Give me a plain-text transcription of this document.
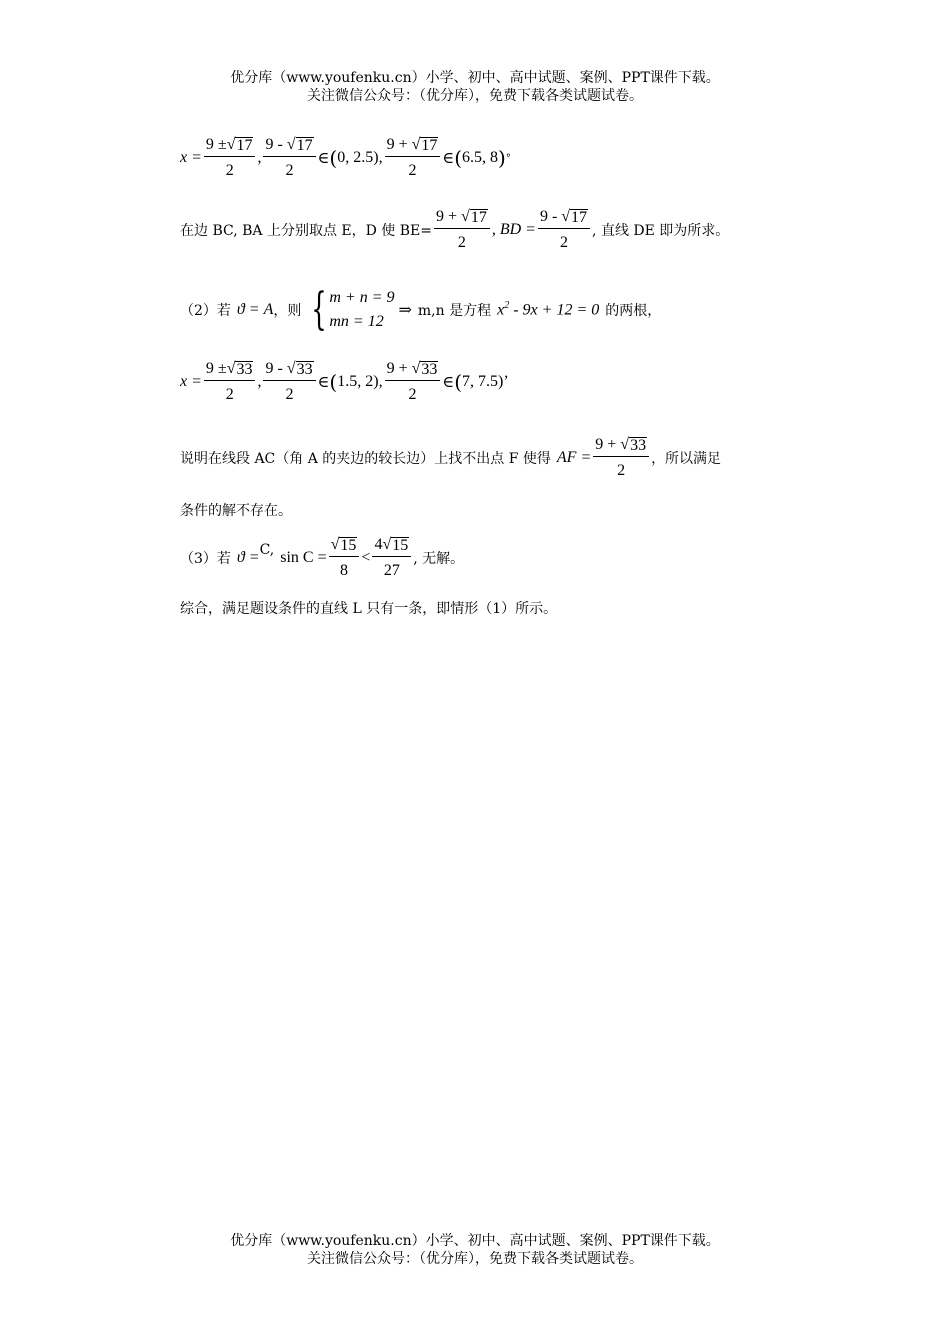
优分库（www.youfenku.cn）小学、初中、高中试题、案例、PPT课件下载。
关注微信公众号：（优分库），免费下载各类试题试卷。
$x = \frac{9 \pm √ 17}{2}$ , $\frac{9 - √ 17}{2}$ ∈ ( 0, 2.5 ), $\frac{9 + √ 17}{2}$ ∈ ( 6.5, 8 ) °
在边 BC, BA 上分别取点 E，D 使 $BE= \frac{9 + √ 17}{2}$ , BD = $\frac{9 - √ 17}{2}$ , 直线 DE 即为所求。
（2）若 ϑ = A ，则 { m + n = 9
mn = 12
⇒ m,n 是方程 $x^2 - 9x + 12 = 0$ 的两根，
$x = \frac{9 \pm √ 33}{2}$ , $\frac{9 - √ 33}{2}$ ∈ ( 1.5, 2 ), $\frac{9 + √ 33}{2}$ ∈ ( 7, 7.5 )’
说明在线段 AC（角 A 的夹边的较长边）上找不出点 F 使得 AF = $\frac{9 + √ 33}{2}$ ，所以满足
条件的解不存在。
（3）若 ϑ = C, $\sin C = \frac{√ 15}{8} < \frac{4 √ 15}{27}$ , 无解。
综合，满足题设条件的直线 L 只有一条，即情形（1）所示。
优分库（www.youfenku.cn）小学、初中、高中试题、案例、PPT课件下载。
关注微信公众号：（优分库），免费下载各类试题试卷。
